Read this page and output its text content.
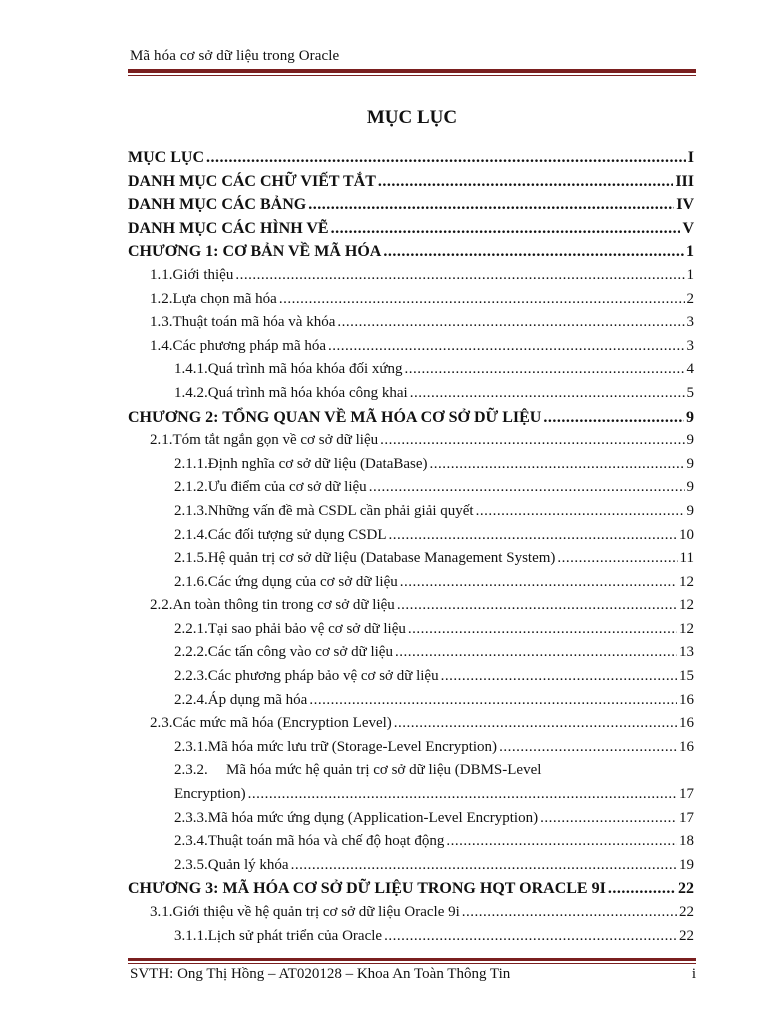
Mã hóa cơ sở dữ liệu trong Oracle
MỤC LỤC
MỤC LỤC .....	I
DANH MỤC CÁC CHỮ VIẾT TẮT .....	III
DANH MỤC CÁC BẢNG .....	IV
DANH MỤC CÁC HÌNH VẼ .....	V
CHƯƠNG 1: CƠ BẢN VỀ MÃ HÓA .....	1
1.1. Giới thiệu .....	1
1.2. Lựa chọn mã hóa .....	2
1.3. Thuật toán mã hóa và khóa .....	3
1.4. Các phương pháp mã hóa .....	3
1.4.1. Quá trình mã hóa khóa đối xứng .....	4
1.4.2. Quá trình mã hóa khóa công khai .....	5
CHƯƠNG 2: TỔNG QUAN VỀ MÃ HÓA CƠ SỞ DỮ LIỆU .....	9
2.1. Tóm tắt ngắn gọn về cơ sở dữ liệu .....	9
2.1.1. Định nghĩa cơ sở dữ liệu (DataBase) .....	9
2.1.2. Ưu điểm của cơ sở dữ liệu .....	9
2.1.3. Những vấn đề mà CSDL cần phải giải quyết .....	9
2.1.4. Các đối tượng sử dụng CSDL .....	10
2.1.5. Hệ quản trị cơ sở dữ liệu (Database Management System) .....	11
2.1.6. Các ứng dụng của cơ sở dữ liệu .....	12
2.2. An toàn thông tin trong cơ sở dữ liệu .....	12
2.2.1. Tại sao phải bảo vệ cơ sở dữ liệu .....	12
2.2.2. Các tấn công vào cơ sở dữ liệu .....	13
2.2.3. Các phương pháp bảo vệ cơ sở dữ liệu .....	15
2.2.4. Áp dụng mã hóa .....	16
2.3. Các mức mã hóa (Encryption Level) .....	16
2.3.1. Mã hóa mức lưu trữ (Storage-Level Encryption) .....	16
2.3.2.	Mã hóa mức hệ quản trị cơ sở dữ liệu (DBMS-Level
Encryption) .....	17
2.3.3. Mã hóa mức ứng dụng (Application-Level Encryption) .....	17
2.3.4. Thuật toán mã hóa và chế độ hoạt động .....	18
2.3.5. Quản lý khóa .....	19
CHƯƠNG 3: MÃ HÓA CƠ SỞ DỮ LIỆU TRONG HQT ORACLE 9I .....	22
3.1. Giới thiệu về hệ quản trị cơ sở dữ liệu Oracle 9i .....	22
3.1.1. Lịch sử phát triển của Oracle .....	22
SVTH: Ong Thị Hồng – AT020128 – Khoa An Toàn Thông Tin	i
